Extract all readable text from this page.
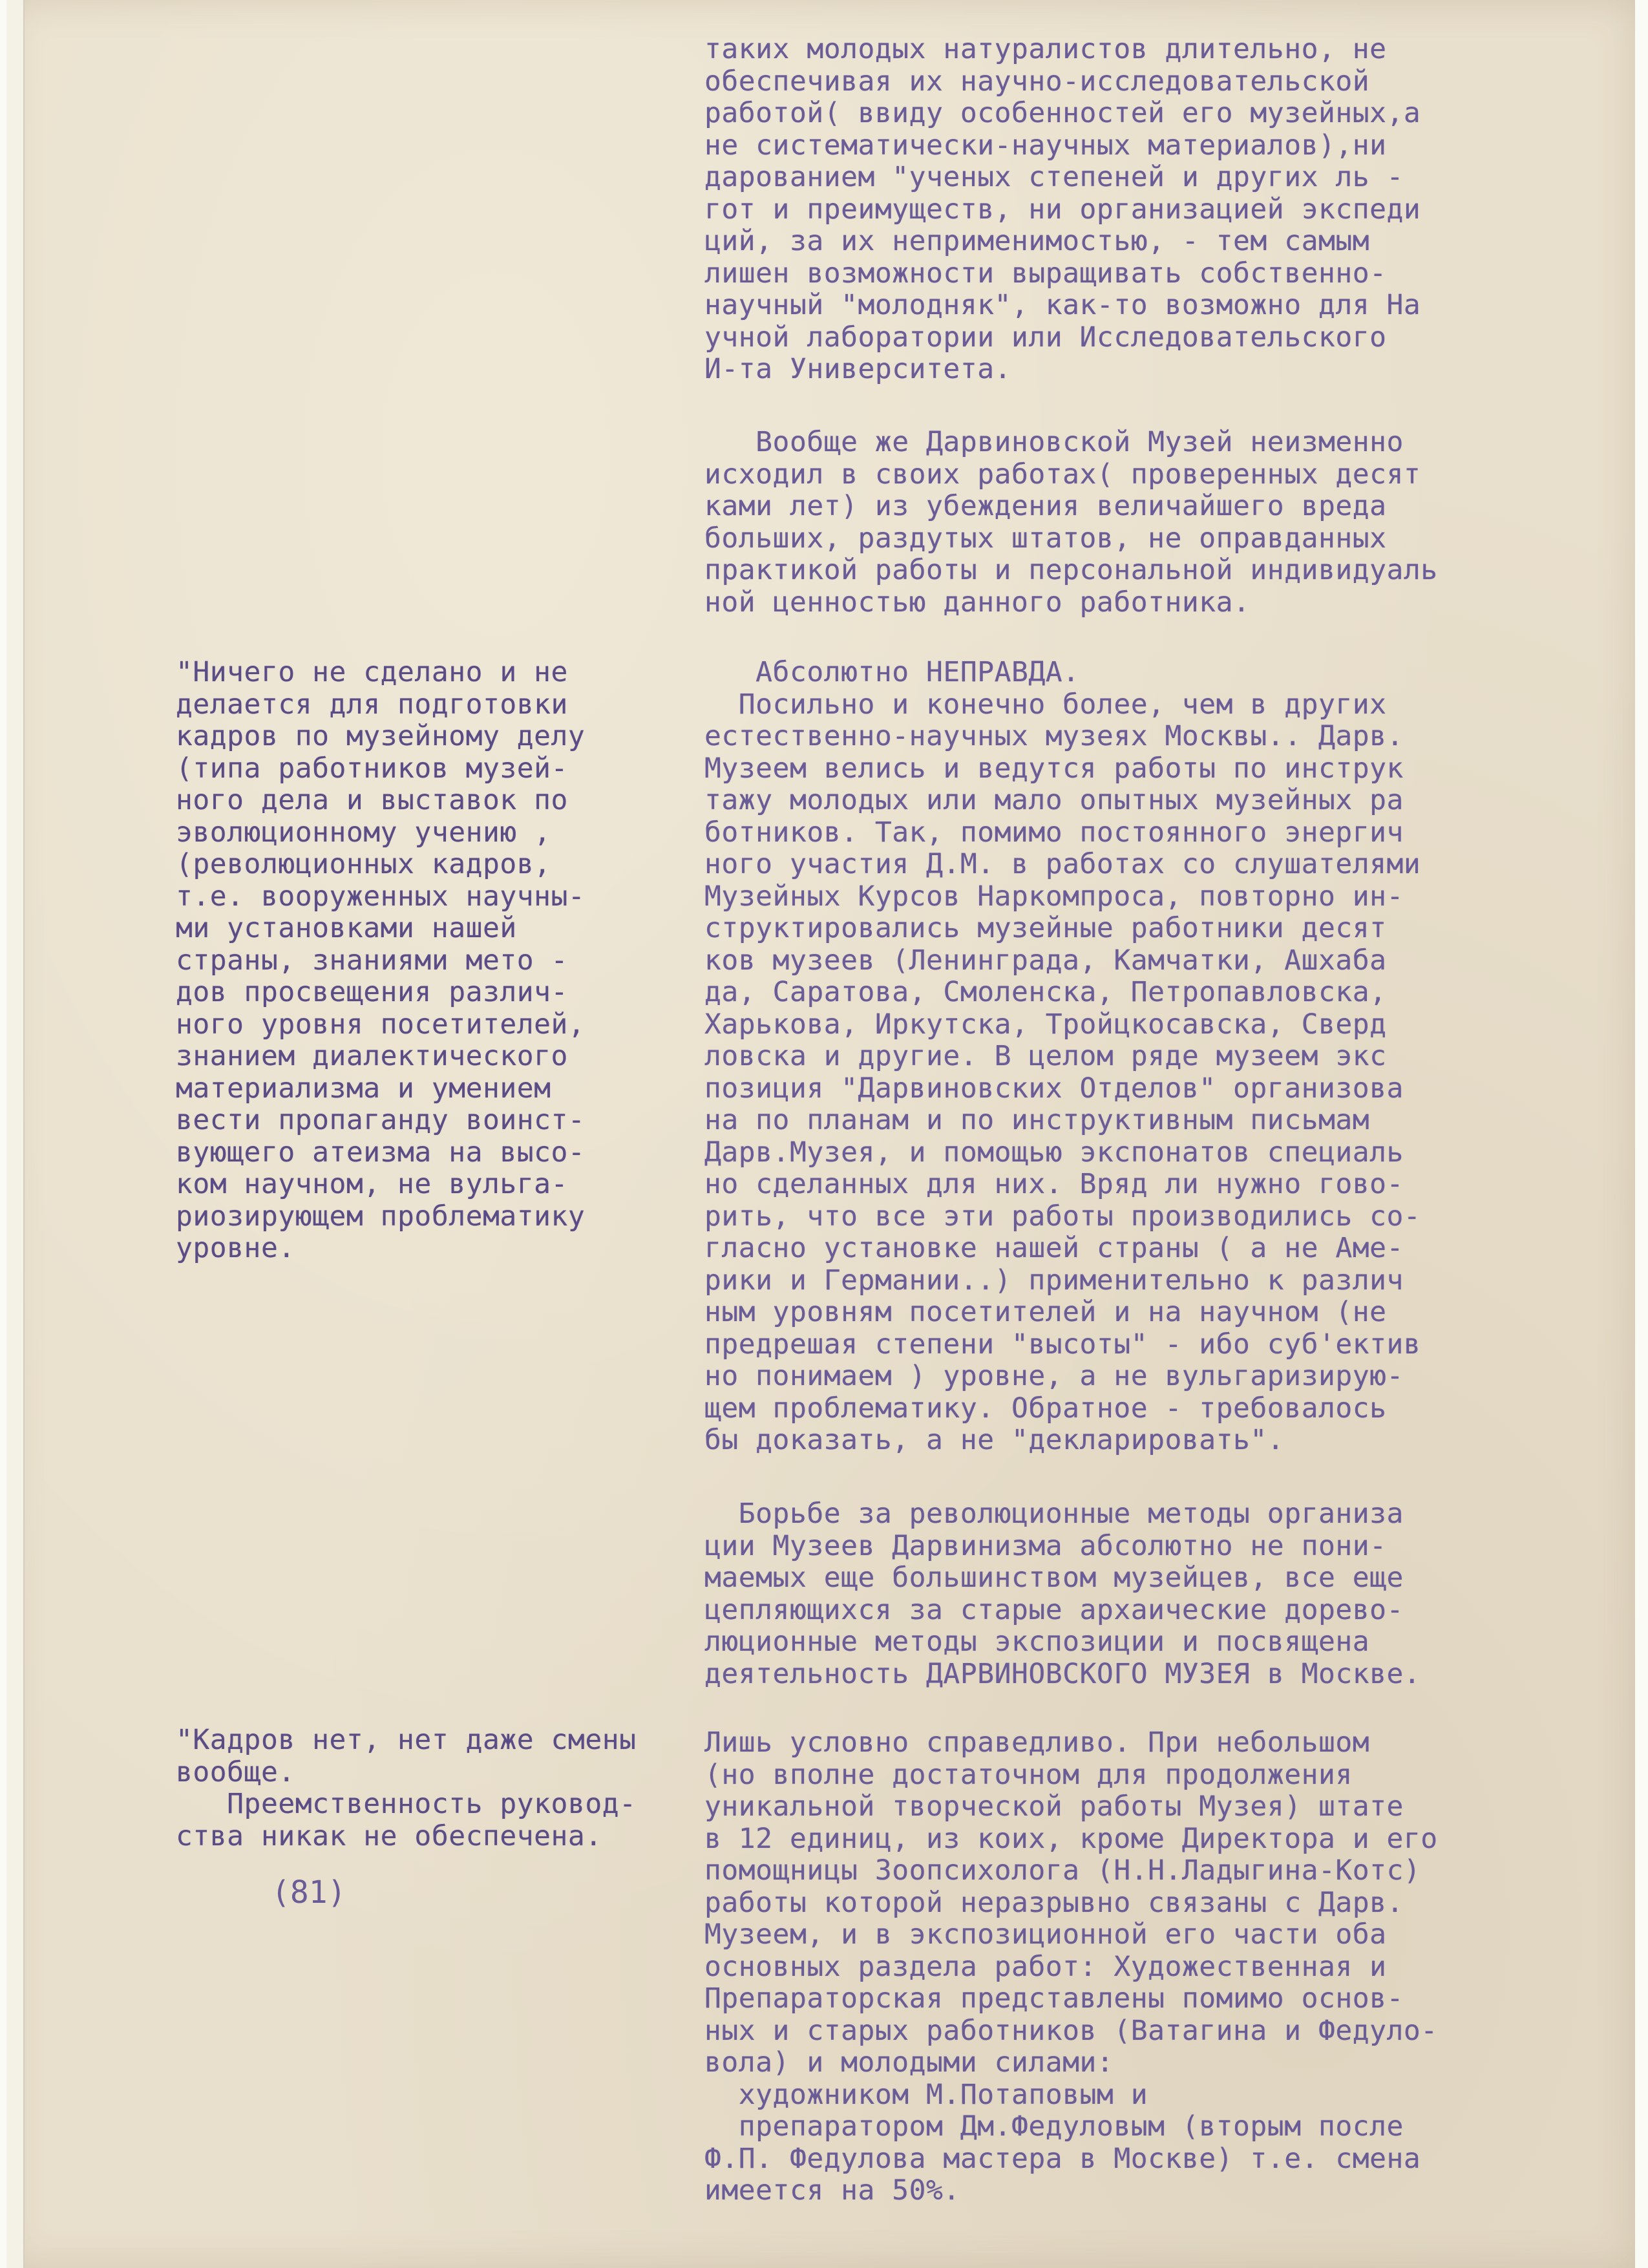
таких молодых натуралистов длительно, не
обеспечивая их научно-исследовательской
работой( ввиду особенностей его музейных,а
не систематически-научных материалов),ни
дарованием "ученых степеней и других ль -
гот и преимуществ, ни организацией экспеди
ций, за их неприменимостью, - тем самым
лишен возможности выращивать собственно-
научный "молодняк", как-то возможно для На
учной лаборатории или Исследовательского
И-та Университета.
Вообще же Дарвиновской Музей неизменно
исходил в своих работах( проверенных десят
ками лет) из убеждения величайшего вреда
больших, раздутых штатов, не оправданных
практикой работы и персональной индивидуаль
ной ценностью данного работника.
Абсолютно НЕПРАВДА.
Посильно и конечно более, чем в других
естественно-научных музеях Москвы.. Дарв.
Музеем велись и ведутся работы по инструк
тажу молодых или мало опытных музейных ра
ботников. Так, помимо постоянного энергич
ного участия Д.М. в работах со слушателями
Музейных Курсов Наркомпроса, повторно ин-
структировались музейные работники десят
ков музеев (Ленинграда, Камчатки, Ашхаба
да, Саратова, Смоленска, Петропавловска,
Харькова, Иркутска, Тройцкосавска, Сверд
ловска и другие. В целом ряде музеем экс
позиция "Дарвиновских Отделов" организова
на по планам и по инструктивным письмам
Дарв.Музея, и помощью экспонатов специаль
но сделанных для них. Вряд ли нужно гово-
рить, что все эти работы производились со-
гласно установке нашей страны ( а не Аме-
рики и Германии..) применительно к различ
ным уровням посетителей и на научном (не
предрешая степени "высоты" - ибо суб'ектив
но понимаем ) уровне, а не вульгаризирую-
щем проблематику. Обратное - требовалось
бы доказать, а не "декларировать".
Борьбе за революционные методы организа
ции Музеев Дарвинизма абсолютно не пони-
маемых еще большинством музейцев, все еще
цепляющихся за старые архаические дорево-
люционные методы экспозиции и посвящена
деятельность ДАРВИНОВСКОГО МУЗЕЯ в Москве.
Лишь условно справедливо. При небольшом
(но вполне достаточном для продолжения
уникальной творческой работы Музея) штате
в 12 единиц, из коих, кроме Директора и его
помощницы Зоопсихолога (Н.Н.Ладыгина-Котс)
работы которой неразрывно связаны с Дарв.
Музеем, и в экспозиционной его части оба
основных раздела работ: Художественная и
Препараторская представлены помимо основ-
ных и старых работников (Ватагина и Федуло-
вола) и молодыми силами:
художником М.Потаповым и
препаратором Дм.Федуловым (вторым после
Ф.П. Федулова мастера в Москве) т.е. смена
имеется на 50%.
"Ничего не сделано и не
делается для подготовки
кадров по музейному делу
(типа работников музей-
ного дела и выставок по
эволюционному учению ,
(революционных кадров,
т.е. вооруженных научны-
ми установками нашей
страны, знаниями мето -
дов просвещения различ-
ного уровня посетителей,
знанием диалектического
материализма и умением
вести пропаганду воинст-
вующего атеизма на высо-
ком научном, не вульга-
риозирующем проблематику
уровне.
"Кадров нет, нет даже смены
вообще.
Преемственность руковод-
ства никак не обеспечена.

(81)
